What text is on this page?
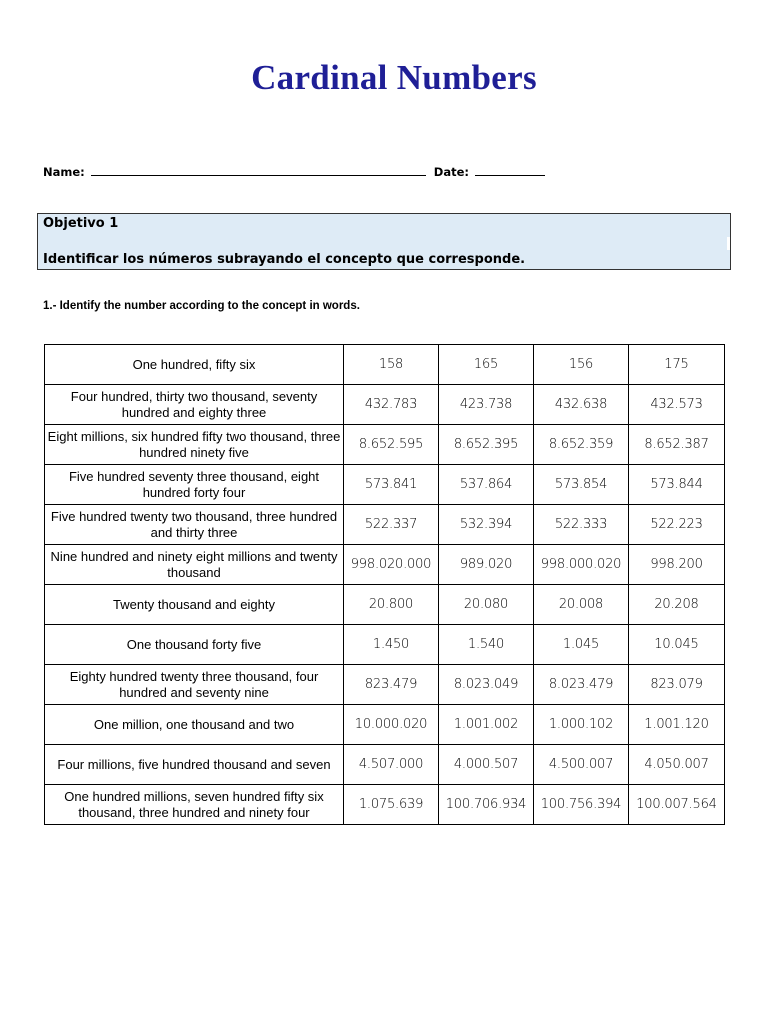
Cardinal Numbers
Name:	Date:
Objetivo 1
Identificar los números subrayando el concepto que corresponde.
1.- Identify the number according to the concept in words.
One hundred, fifty six	158	165	156	175
Four hundred, thirty two thousand, seventy hundred and eighty three	432.783	423.738	432.638	432.573
Eight millions, six hundred fifty two thousand, three hundred ninety five	8.652.595	8.652.395	8.652.359	8.652.387
Five hundred seventy three thousand, eight hundred forty four	573.841	537.864	573.854	573.844
Five hundred twenty two thousand, three hundred and thirty three	522.337	532.394	522.333	522.223
Nine hundred and ninety eight millions and twenty thousand	998.020.000	989.020	998.000.020	998.200
Twenty thousand and eighty	20.800	20.080	20.008	20.208
One thousand forty five	1.450	1.540	1.045	10.045
Eighty hundred twenty three thousand, four hundred and seventy nine	823.479	8.023.049	8.023.479	823.079
One million, one thousand and two	10.000.020	1.001.002	1.000.102	1.001.120
Four millions, five hundred thousand and seven	4.507.000	4.000.507	4.500.007	4.050.007
One hundred millions, seven hundred fifty six thousand, three hundred and ninety four	1.075.639	100.706.934	100.756.394	100.007.564
